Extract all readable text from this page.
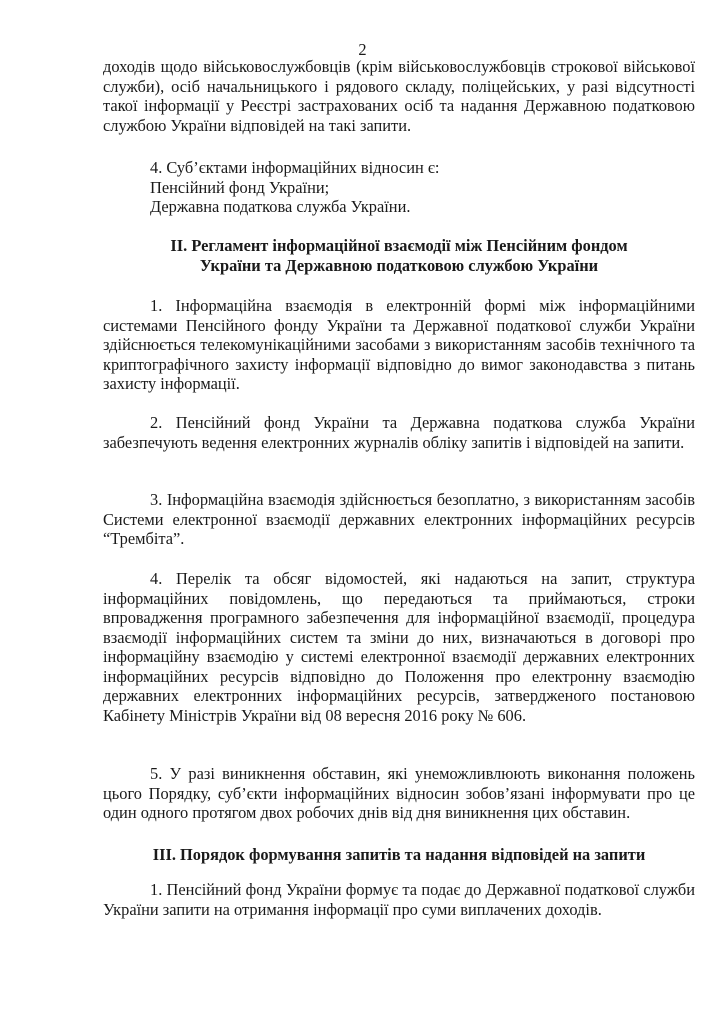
2

доходів щодо військовослужбовців (крім військовослужбовців строкової військової служби), осіб начальницького і рядового складу, поліцейських, у разі відсутності такої інформації у Реєстрі застрахованих осіб та надання Державною податковою службою України відповідей на такі запити.

4. Суб’єктами інформаційних відносин є:
Пенсійний фонд України;
Державна податкова служба України.
ІІ. Регламент інформаційної взаємодії між Пенсійним фондом
України та Державною податковою службою України

1. Інформаційна взаємодія в електронній формі між інформаційними системами Пенсійного фонду України та Державної податкової служби України здійснюється телекомунікаційними засобами з використанням засобів технічного та криптографічного захисту інформації відповідно до вимог законодавства з питань захисту інформації.

2. Пенсійний фонд України та Державна податкова служба України забезпечують ведення електронних журналів обліку запитів і відповідей на запити.

3. Інформаційна взаємодія здійснюється безоплатно, з використанням засобів Системи електронної взаємодії державних електронних інформаційних ресурсів “Трембіта”.

4. Перелік та обсяг відомостей, які надаються на запит, структура інформаційних повідомлень, що передаються та приймаються, строки впровадження програмного забезпечення для інформаційної взаємодії, процедура взаємодії інформаційних систем та зміни до них, визначаються в договорі про інформаційну взаємодію у системі електронної взаємодії державних електронних інформаційних ресурсів відповідно до Положення про електронну взаємодію державних електронних інформаційних ресурсів, затвердженого постановою Кабінету Міністрів України від 08 вересня 2016 року № 606.

5. У разі виникнення обставин, які унеможливлюють виконання положень цього Порядку, суб’єкти інформаційних відносин зобов’язані інформувати про це один одного протягом двох робочих днів від дня виникнення цих обставин.

ІІІ. Порядок формування запитів та надання відповідей на запити

1. Пенсійний фонд України формує та подає до Державної податкової служби України запити на отримання інформації про суми виплачених доходів.
